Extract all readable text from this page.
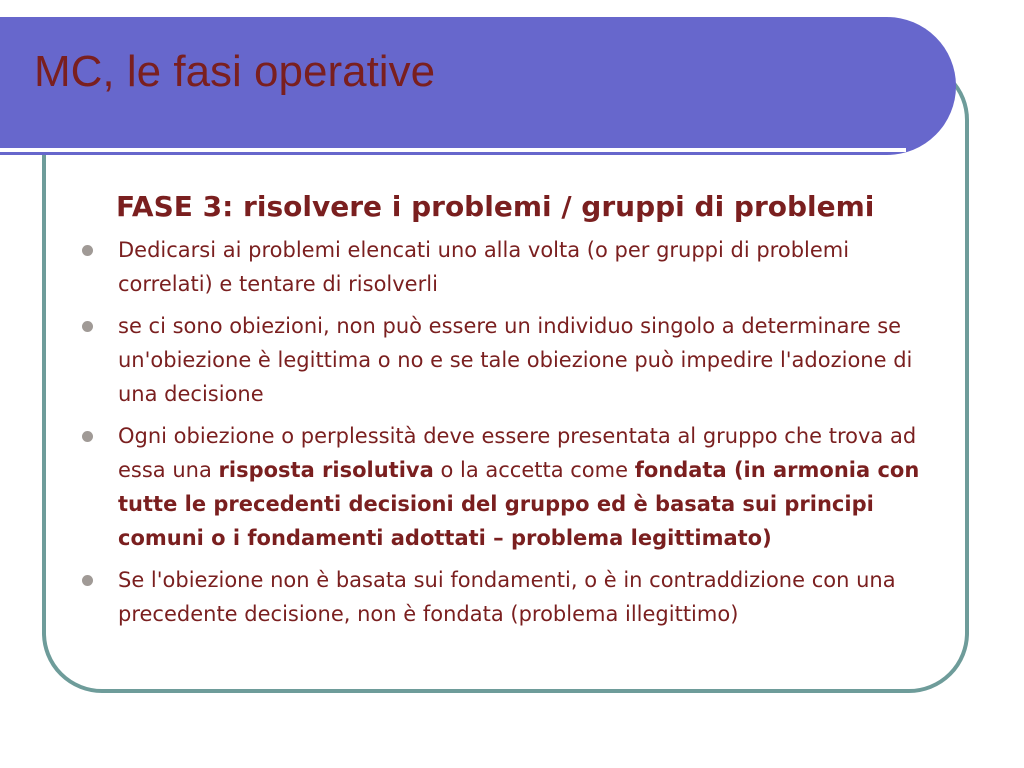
MC, le fasi operative
FASE 3: risolvere i problemi / gruppi di problemi
Dedicarsi ai problemi elencati uno alla volta (o per gruppi di problemi correlati) e tentare di risolverli
se ci sono obiezioni, non può essere un individuo singolo a determinare se un'obiezione è legittima o no e se tale obiezione può impedire l'adozione di una decisione
Ogni obiezione o perplessità deve essere presentata al gruppo che trova ad essa una risposta risolutiva o la accetta come fondata (in armonia con tutte le precedenti decisioni del gruppo ed è basata sui principi comuni o i fondamenti adottati – problema legittimato)
Se l'obiezione non è basata sui fondamenti, o è in contraddizione con una precedente decisione, non è fondata (problema illegittimo)
